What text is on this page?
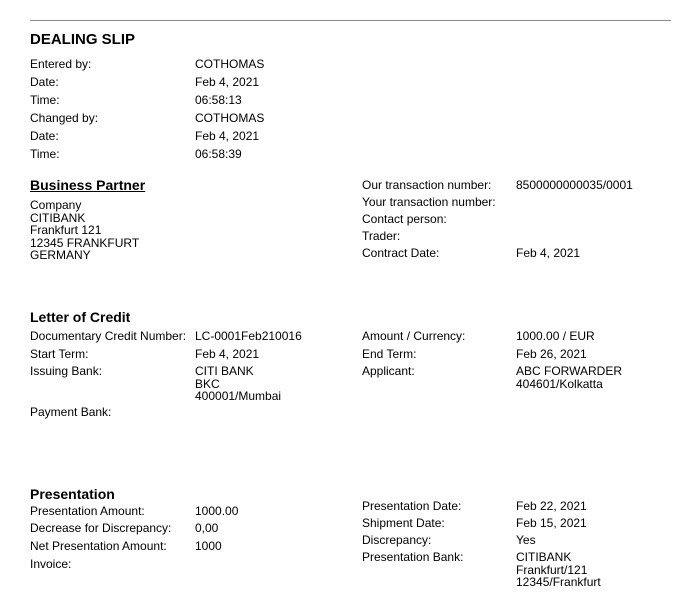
DEALING SLIP
Entered by:	COTHOMAS
Date:	Feb 4, 2021
Time:	06:58:13
Changed by:	COTHOMAS
Date:	Feb 4, 2021
Time:	06:58:39
Business Partner
Company
CITIBANK
Frankfurt 121
12345 FRANKFURT
GERMANY
Our transaction number: 8500000000035/0001
Your transaction number:
Contact person:
Trader:
Contract Date:	Feb 4, 2021
Letter of Credit
Documentary Credit Number: LC-0001Feb210016
Start Term:	Feb 4, 2021
Issuing Bank:	CITI BANK
BKC
400001/Mumbai
Payment Bank:
Amount / Currency:	1000.00 / EUR
End Term:	Feb 26, 2021
Applicant:	ABC FORWARDER
404601/Kolkatta
Presentation
Presentation Amount:	1000.00
Decrease for Discrepancy: 0,00
Net Presentation Amount: 1000
Invoice:
Presentation Date:	Feb 22, 2021
Shipment Date:	Feb 15, 2021
Discrepancy:	Yes
Presentation Bank:	CITIBANK
Frankfurt/121
12345/Frankfurt
